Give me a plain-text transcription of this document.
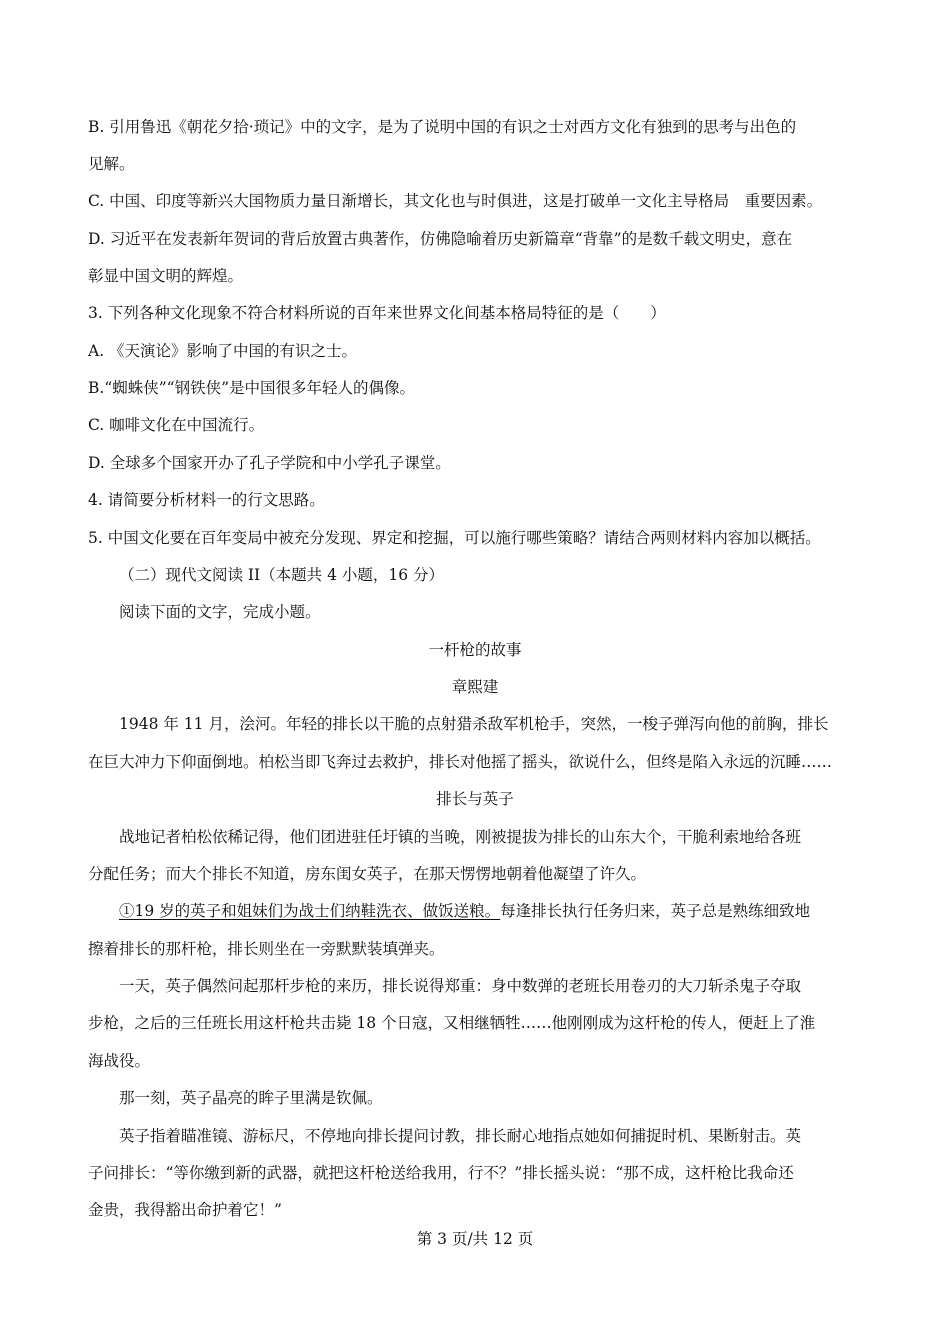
B. 引用鲁迅《朝花夕拾·琐记》中的文字，是为了说明中国的有识之士对西方文化有独到的思考与出色的
见解。
C. 中国、印度等新兴大国物质力量日渐增长，其文化也与时俱进，这是打破单一文化主导格局　重要因素。
D. 习近平在发表新年贺词的背后放置古典著作，仿佛隐喻着历史新篇章“背靠”的是数千载文明史，意在
彰显中国文明的辉煌。
3. 下列各种文化现象不符合材料所说的百年来世界文化间基本格局特征的是（　　）
A. 《天演论》影响了中国的有识之士。
B.“蜘蛛侠”“钢铁侠”是中国很多年轻人的偶像。
C. 咖啡文化在中国流行。
D. 全球多个国家开办了孔子学院和中小学孔子课堂。
4. 请简要分析材料一的行文思路。
5. 中国文化要在百年变局中被充分发现、界定和挖掘，可以施行哪些策略？请结合两则材料内容加以概括。
（二）现代文阅读 II（本题共 4 小题，16 分）
阅读下面的文字，完成小题。
一杆枪的故事
章熙建
1948 年 11 月，浍河。年轻的排长以干脆的点射猎杀敌军机枪手，突然，一梭子弹泻向他的前胸，排长
在巨大冲力下仰面倒地。柏松当即飞奔过去救护，排长对他摇了摇头，欲说什么，但终是陷入永远的沉睡……
排长与英子
战地记者柏松依稀记得，他们团进驻任圩镇的当晚，刚被提拔为排长的山东大个，干脆利索地给各班
分配任务；而大个排长不知道，房东闺女英子，在那天愣愣地朝着他凝望了许久。
①19 岁的英子和姐妹们为战士们纳鞋洗衣、做饭送粮。每逢排长执行任务归来，英子总是熟练细致地
擦着排长的那杆枪，排长则坐在一旁默默装填弹夹。
一天，英子偶然问起那杆步枪的来历，排长说得郑重：身中数弹的老班长用卷刃的大刀斩杀鬼子夺取
步枪，之后的三任班长用这杆枪共击毙 18 个日寇，又相继牺牲……他刚刚成为这杆枪的传人，便赶上了淮
海战役。
那一刻，英子晶亮的眸子里满是钦佩。
英子指着瞄准镜、游标尺，不停地向排长提问讨教，排长耐心地指点她如何捕捉时机、果断射击。英
子问排长：“等你缴到新的武器，就把这杆枪送给我用，行不？”排长摇头说：“那不成，这杆枪比我命还
金贵，我得豁出命护着它！”
第 3 页/共 12 页
